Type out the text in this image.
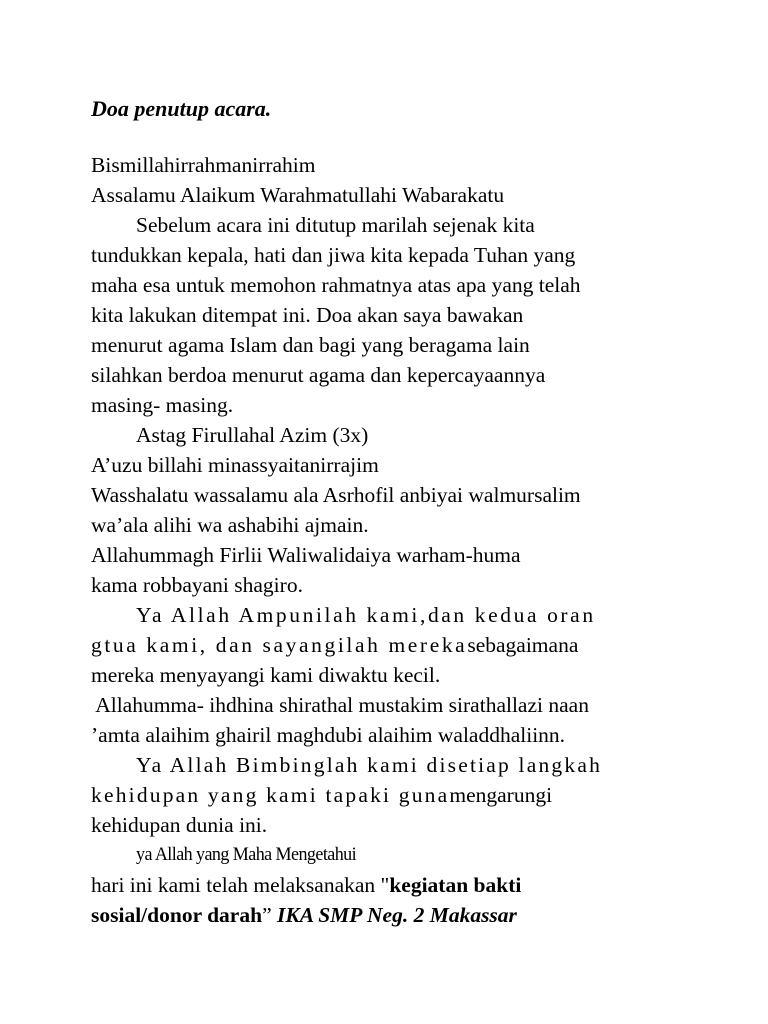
Doa penutup acara.

Bismillahirrahmanirrahim

Assalamu Alaikum Warahmatullahi Wabarakatu

Sebelum acara ini ditutup marilah sejenak kita

tundukkan kepala, hati dan jiwa kita kepada Tuhan yang

maha esa untuk memohon rahmatnya atas apa yang telah

kita lakukan ditempat ini. Doa akan saya bawakan

menurut agama Islam dan bagi yang beragama lain

silahkan berdoa menurut agama dan kepercayaannya

masing- masing.

Astag Firullahal Azim (3x)

A’uzu billahi minassyaitanirrajim

Wasshalatu wassalamu ala Asrhofil anbiyai walmursalim

wa’ala alihi wa ashabihi ajmain.

Allahummagh Firlii Waliwalidaiya warham-huma

kama robbayani shagiro.

Ya Allah Ampunilah kami,dan kedua oran

gtua kami, dan sayangilah merekasebagaimana

mereka menyayangi kami diwaktu kecil.

Allahumma- ihdhina shirathal mustakim sirathallazi naan

’amta alaihim ghairil maghdubi alaihim waladdhaliinn.

Ya Allah Bimbinglah kami disetiap langkah

kehidupan yang kami tapaki gunamengarungi

kehidupan dunia ini.

ya Allah yang Maha Mengetahui

hari ini kami telah melaksanakan "kegiatan bakti

sosial/donor darah” IKA SMP Neg. 2 Makassar
